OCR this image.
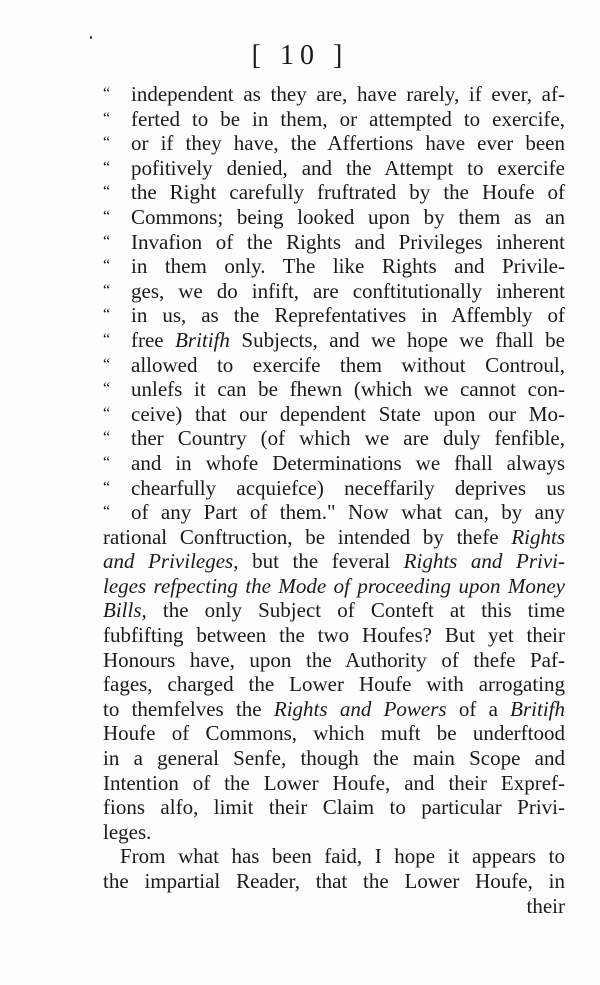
[ 10 ]
“ independent as they are, have rarely, if ever, af-
“ ferted to be in them, or attempted to exercife,
“ or if they have, the Affertions have ever been
“ pofitively denied, and the Attempt to exercife
“ the Right carefully fruftrated by the Houfe of
“ Commons; being looked upon by them as an
“ Invafion of the Rights and Privileges inherent
“ in them only. The like Rights and Privile-
“ ges, we do infift, are conftitutionally inherent
“ in us, as the Reprefentatives in Affembly of
“ free Britifh Subjects, and we hope we fhall be
“ allowed to exercife them without Controul,
“ unlefs it can be fhewn (which we cannot con-
“ ceive) that our dependent State upon our Mo-
“ ther Country (of which we are duly fenfible,
“ and in whofe Determinations we fhall always
“ chearfully acquiefce) neceffarily deprives us
“ of any Part of them." Now what can, by any
rational Conftruction, be intended by thefe Rights
and Privileges, but the feveral Rights and Privi-
leges refpecting the Mode of proceeding upon Money
Bills, the only Subject of Conteft at this time
fubfifting between the two Houfes? But yet their
Honours have, upon the Authority of thefe Paf-
fages, charged the Lower Houfe with arrogating
to themfelves the Rights and Powers of a Britifh
Houfe of Commons, which muft be underftood
in a general Senfe, though the main Scope and
Intention of the Lower Houfe, and their Expref-
fions alfo, limit their Claim to particular Privi-
leges.
From what has been faid, I hope it appears to
the impartial Reader, that the Lower Houfe, in
their
